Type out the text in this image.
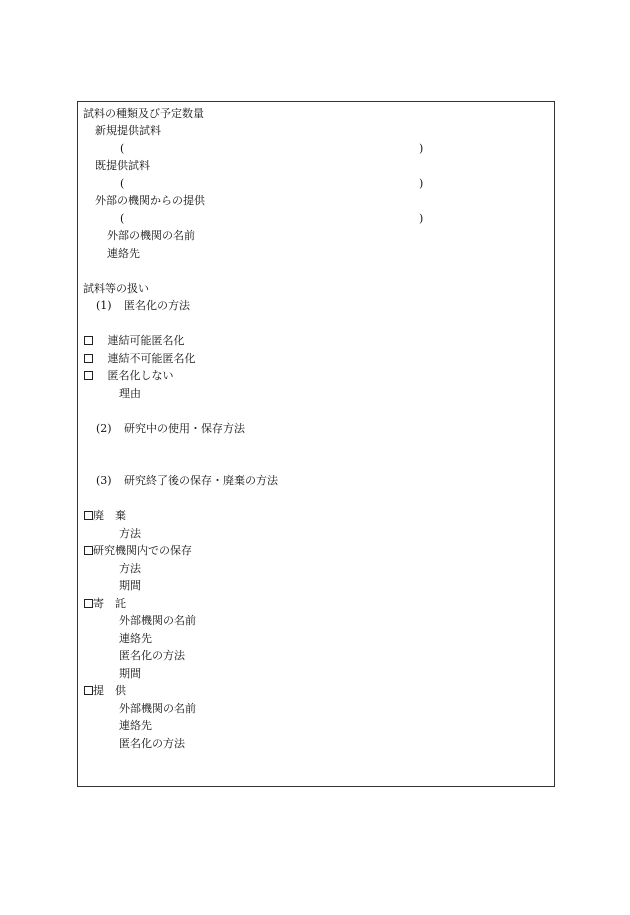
試料の種類及び予定数量
新規提供試料
(	)
既提供試料
(	)
外部の機関からの提供
(	)
外部の機関の名前
連絡先
試料等の扱い
(1) 匿名化の方法
連結可能匿名化
連結不可能匿名化
匿名化しない
理由
(2) 研究中の使用・保存方法
(3) 研究終了後の保存・廃棄の方法
廃　棄
方法
研究機関内での保存
方法
期間
寄　託
外部機関の名前
連絡先
匿名化の方法
期間
提　供
外部機関の名前
連絡先
匿名化の方法
